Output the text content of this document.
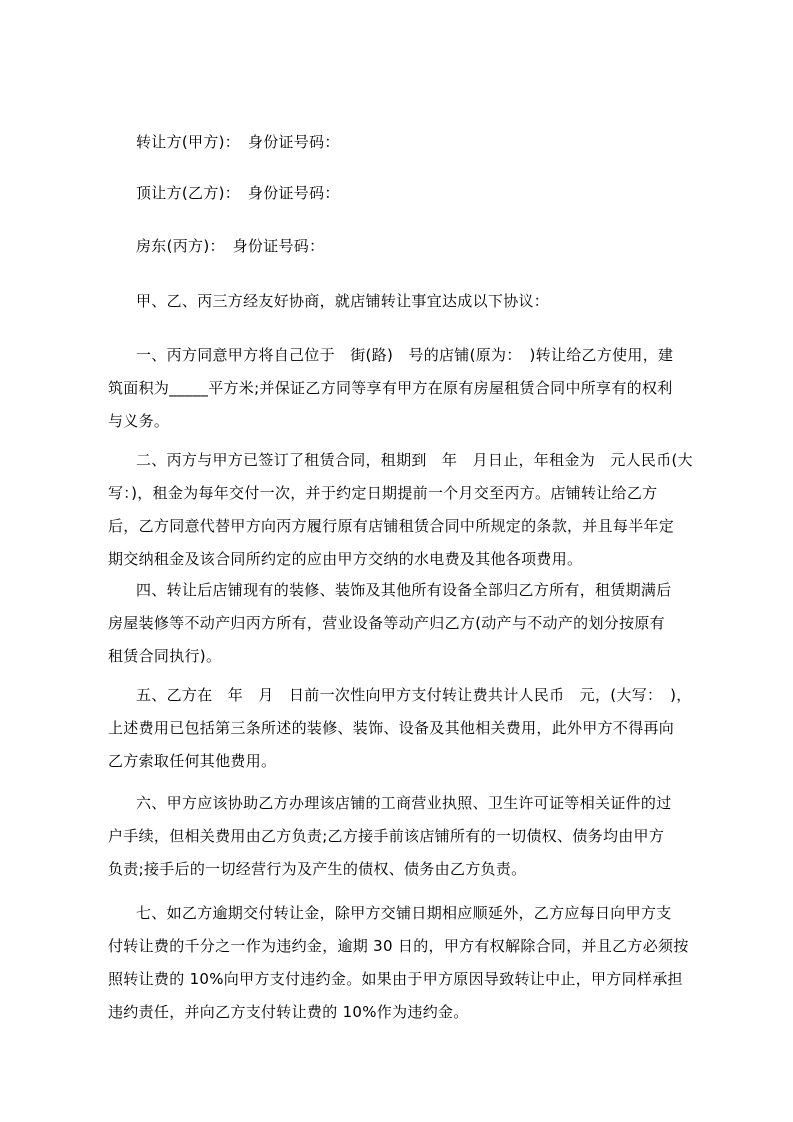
转让方(甲方)：　身份证号码：
顶让方(乙方)：　身份证号码：
房东(丙方)：　身份证号码：
甲、乙、丙三方经友好协商，就店铺转让事宜达成以下协议：
一、丙方同意甲方将自己位于　街(路)　号的店铺(原为：　)转让给乙方使用，建
筑面积为_____平方米;并保证乙方同等享有甲方在原有房屋租赁合同中所享有的权利
与义务。
二、丙方与甲方已签订了租赁合同，租期到　年　月日止，年租金为　元人民币(大
写：)，租金为每年交付一次，并于约定日期提前一个月交至丙方。店铺转让给乙方
后，乙方同意代替甲方向丙方履行原有店铺租赁合同中所规定的条款，并且每半年定
期交纳租金及该合同所约定的应由甲方交纳的水电费及其他各项费用。
四、转让后店铺现有的装修、装饰及其他所有设备全部归乙方所有，租赁期满后
房屋装修等不动产归丙方所有，营业设备等动产归乙方(动产与不动产的划分按原有
租赁合同执行)。
五、乙方在　年　月　日前一次性向甲方支付转让费共计人民币　元，(大写：　)，
上述费用已包括第三条所述的装修、装饰、设备及其他相关费用，此外甲方不得再向
乙方索取任何其他费用。
六、甲方应该协助乙方办理该店铺的工商营业执照、卫生许可证等相关证件的过
户手续，但相关费用由乙方负责;乙方接手前该店铺所有的一切债权、债务均由甲方
负责;接手后的一切经营行为及产生的债权、债务由乙方负责。
七、如乙方逾期交付转让金，除甲方交铺日期相应顺延外，乙方应每日向甲方支
付转让费的千分之一作为违约金，逾期 30 日的，甲方有权解除合同，并且乙方必须按
照转让费的 10%向甲方支付违约金。如果由于甲方原因导致转让中止，甲方同样承担
违约责任，并向乙方支付转让费的 10%作为违约金。
